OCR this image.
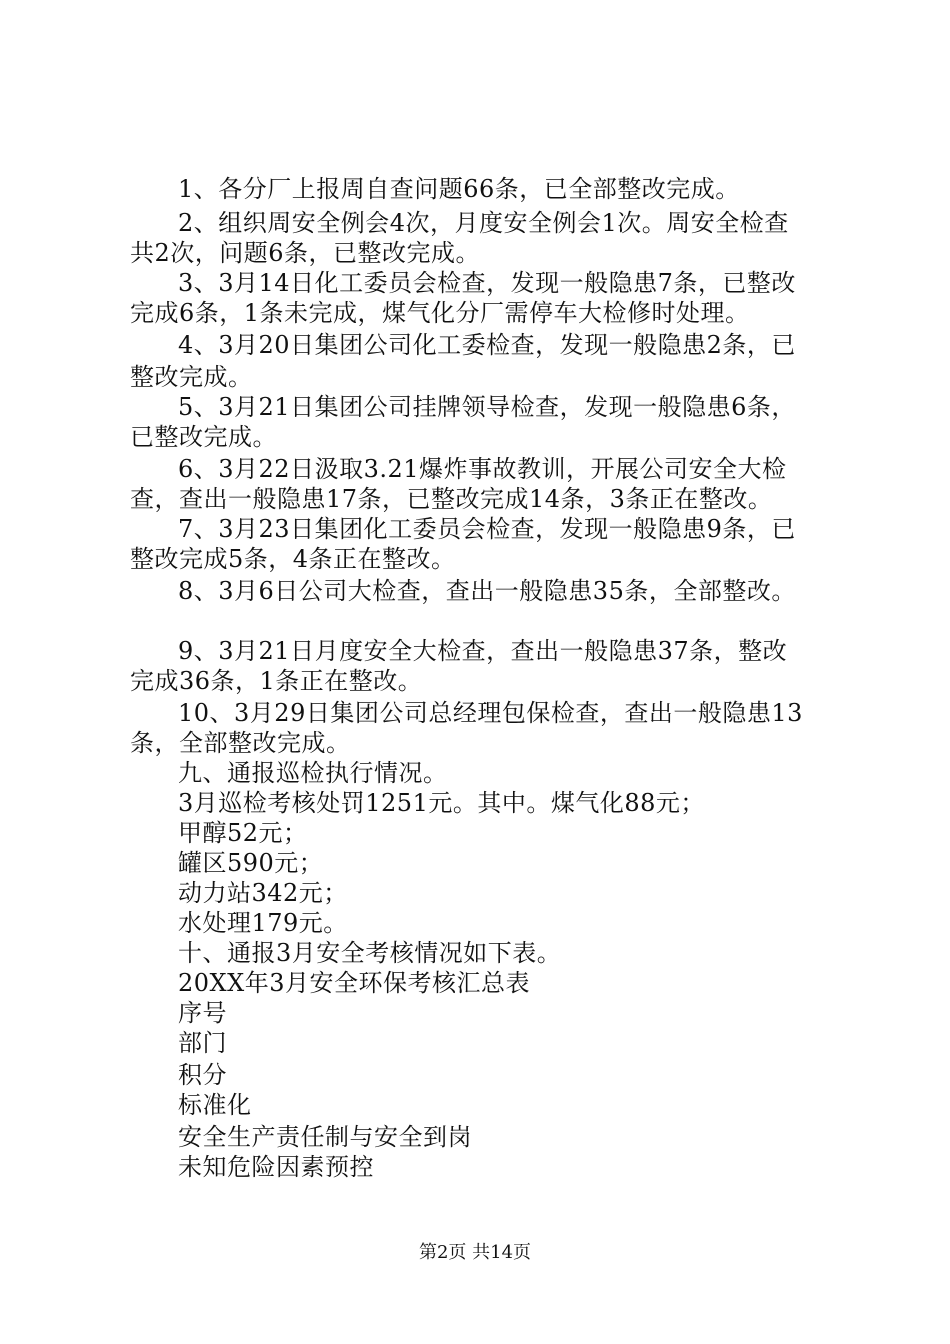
1、各分厂上报周自查问题66条，已全部整改完成。
2、组织周安全例会4次，月度安全例会1次。周安全检查
共2次，问题6条，已整改完成。
3、3月14日化工委员会检查，发现一般隐患7条，已整改
完成6条，1条未完成，煤气化分厂需停车大检修时处理。
4、3月20日集团公司化工委检查，发现一般隐患2条，已
整改完成。
5、3月21日集团公司挂牌领导检查，发现一般隐患6条，
已整改完成。
6、3月22日汲取3.21爆炸事故教训，开展公司安全大检
查，查出一般隐患17条，已整改完成14条，3条正在整改。
7、3月23日集团化工委员会检查，发现一般隐患9条，已
整改完成5条，4条正在整改。
8、3月6日公司大检查，查出一般隐患35条，全部整改。
9、3月21日月度安全大检查，查出一般隐患37条，整改
完成36条，1条正在整改。
10、3月29日集团公司总经理包保检查，查出一般隐患13
条，全部整改完成。
九、通报巡检执行情况。
3月巡检考核处罚1251元。其中。煤气化88元；
甲醇52元；
罐区590元；
动力站342元；
水处理179元。
十、通报3月安全考核情况如下表。
20XX年3月安全环保考核汇总表
序号
部门
积分
标准化
安全生产责任制与安全到岗
未知危险因素预控
第2页 共14页
